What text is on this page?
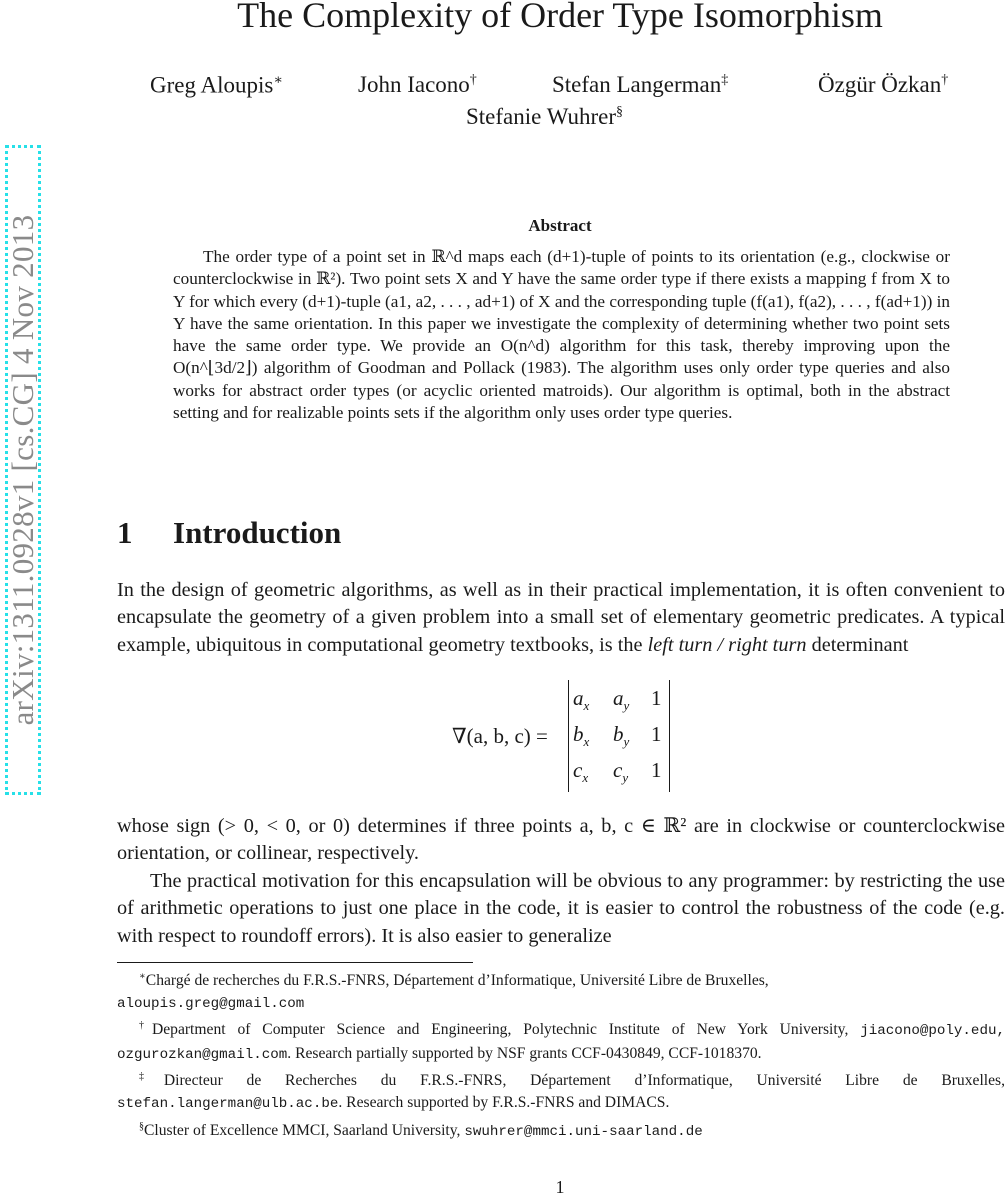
The Complexity of Order Type Isomorphism
Greg Aloupis∗	John Iacono†	Stefan Langerman‡	Özgür Özkan†
Stefanie Wuhrer§
arXiv:1311.0928v1 [cs.CG] 4 Nov 2013	Abstract

The order type of a point set in ℝ^d maps each (d+1)-tuple of points to its orientation (e.g., clockwise or counterclockwise in ℝ²). Two point sets X and Y have the same order type if there exists a mapping f from X to Y for which every (d+1)-tuple (a1, a2, . . . , ad+1) of X and the corresponding tuple (f(a1), f(a2), . . . , f(ad+1)) in Y have the same orientation. In this paper we investigate the complexity of determining whether two point sets have the same order type. We provide an O(n^d) algorithm for this task, thereby improving upon the O(n^⌊3d/2⌋) algorithm of Goodman and Pollack (1983). The algorithm uses only order type queries and also works for abstract order types (or acyclic oriented matroids). Our algorithm is optimal, both in the abstract setting and for realizable points sets if the algorithm only uses order type queries.

1 Introduction

In the design of geometric algorithms, as well as in their practical implementation, it is often convenient to encapsulate the geometry of a given problem into a small set of elementary geometric predicates. A typical example, ubiquitous in computational geometry textbooks, is the left turn / right turn determinant

∇(a, b, c) =
$a_x$ $a_y$ 1
$b_x$ $b_y$ 1
$c_x$ $c_y$ 1

whose sign (> 0, < 0, or 0) determines if three points a, b, c ∈ ℝ² are in clockwise or counterclockwise orientation, or collinear, respectively.

The practical motivation for this encapsulation will be obvious to any programmer: by restricting the use of arithmetic operations to just one place in the code, it is easier to control the robustness of the code (e.g. with respect to roundoff errors). It is also easier to generalize

∗Chargé de recherches du F.R.S.-FNRS, Département d’Informatique, Université Libre de Bruxelles,
aloupis.greg@gmail.com

†Department of Computer Science and Engineering, Polytechnic Institute of New York University, jiacono@poly.edu, ozgurozkan@gmail.com. Research partially supported by NSF grants CCF-0430849, CCF-1018370.

‡Directeur de Recherches du F.R.S.-FNRS, Département d’Informatique, Université Libre de Bruxelles, stefan.langerman@ulb.ac.be. Research supported by F.R.S.-FNRS and DIMACS.

§Cluster of Excellence MMCI, Saarland University, swuhrer@mmci.uni-saarland.de

1
